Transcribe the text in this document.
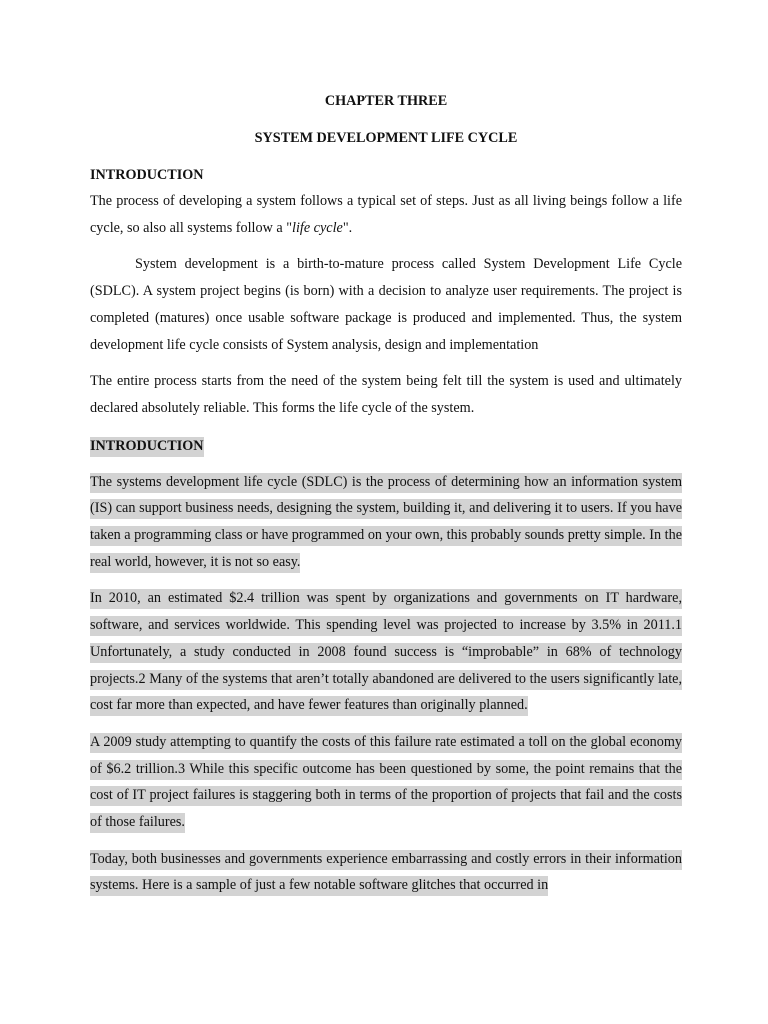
CHAPTER THREE
SYSTEM DEVELOPMENT LIFE CYCLE
INTRODUCTION

The process of developing a system follows a typical set of steps. Just as all living beings follow a life cycle, so also all systems follow a "life cycle".

System development is a birth-to-mature process called System Development Life Cycle (SDLC). A system project begins (is born) with a decision to analyze user requirements. The project is completed (matures) once usable software package is produced and implemented. Thus, the system development life cycle consists of System analysis, design and implementation

The entire process starts from the need of the system being felt till the system is used and ultimately declared absolutely reliable. This forms the life cycle of the system.

INTRODUCTION

The systems development life cycle (SDLC) is the process of determining how an information system (IS) can support business needs, designing the system, building it, and delivering it to users. If you have taken a programming class or have programmed on your own, this probably sounds pretty simple. In the real world, however, it is not so easy.

In 2010, an estimated $2.4 trillion was spent by organizations and governments on IT hardware, software, and services worldwide. This spending level was projected to increase by 3.5% in 2011.1 Unfortunately, a study conducted in 2008 found success is “improbable” in 68% of technology projects.2 Many of the systems that aren’t totally abandoned are delivered to the users significantly late, cost far more than expected, and have fewer features than originally planned.

A 2009 study attempting to quantify the costs of this failure rate estimated a toll on the global economy of $6.2 trillion.3 While this specific outcome has been questioned by some, the point remains that the cost of IT project failures is staggering both in terms of the proportion of projects that fail and the costs of those failures.

Today, both businesses and governments experience embarrassing and costly errors in their information systems. Here is a sample of just a few notable software glitches that occurred in
